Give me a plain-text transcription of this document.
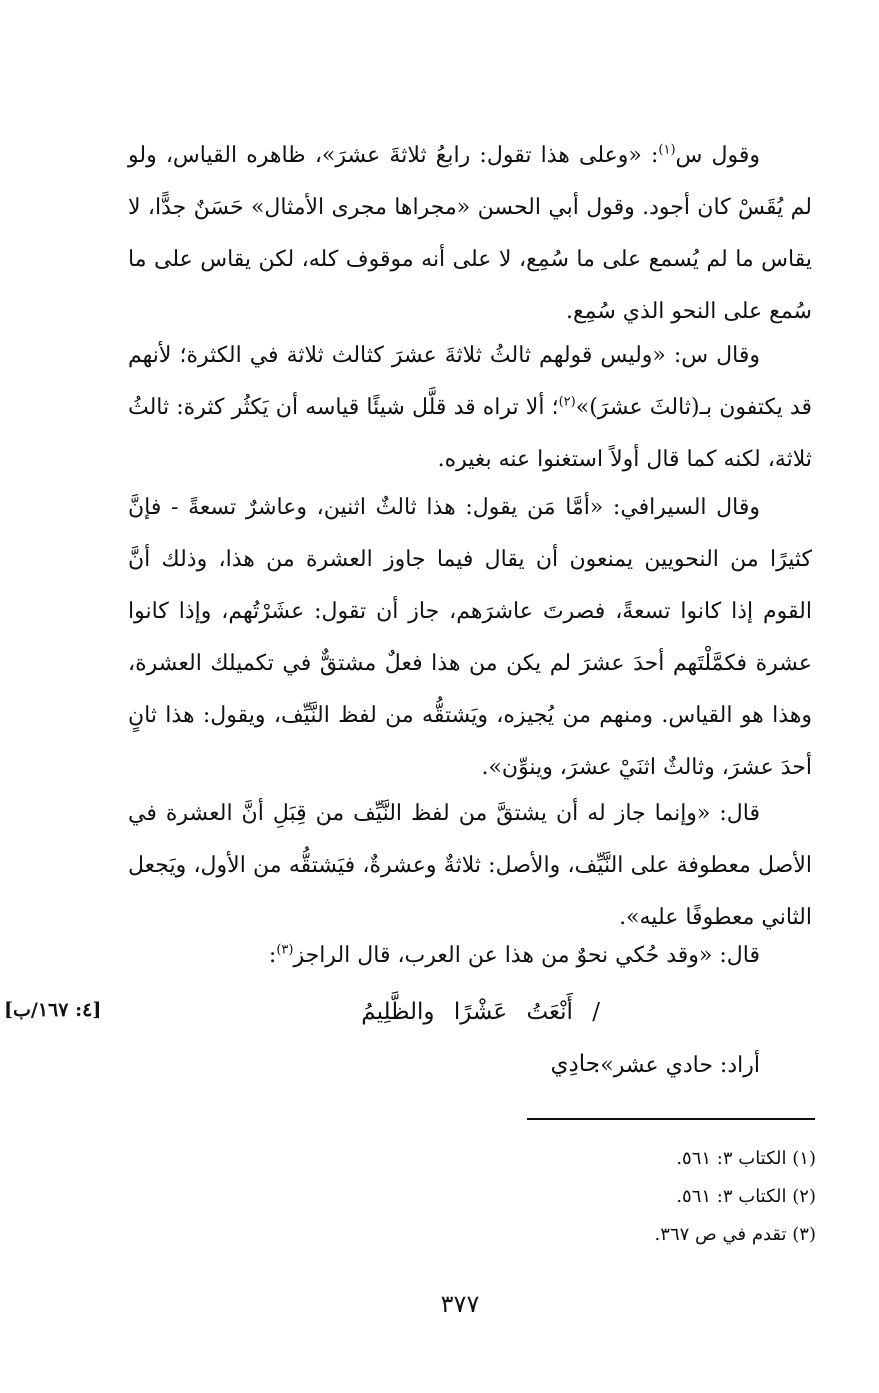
وقول س$^{(١)}$: «وعلى هذا تقول: رابعُ ثلاثةَ عشرَ»، ظاهره القياس، ولو لم يُقَسْ كان أجود. وقول أبي الحسن «مجراها مجرى الأمثال» حَسَنٌ جدًّا، لا يقاس ما لم يُسمع على ما سُمِع، لا على أنه موقوف كله، لكن يقاس على ما سُمع على النحو الذي سُمِع.

وقال س: «وليس قولهم ثالثُ ثلاثةَ عشرَ كثالث ثلاثة في الكثرة؛ لأنهم قد يكتفون بـ(ثالثَ عشرَ)»$^{(٢)}$؛ ألا تراه قد قلَّل شيئًا قياسه أن يَكثُر كثرة: ثالثُ ثلاثة، لكنه كما قال أولاً استغنوا عنه بغيره.

وقال السيرافي: «أمَّا مَن يقول: هذا ثالثٌ اثنين، وعاشرٌ تسعةً - فإنَّ كثيرًا من النحويين يمنعون أن يقال فيما جاوز العشرة من هذا، وذلك أنَّ القوم إذا كانوا تسعةً، فصرتَ عاشرَهم، جاز أن تقول: عشَرْتُهم، وإذا كانوا عشرة فكمَّلْتَهم أحدَ عشرَ لم يكن من هذا فعلٌ مشتقٌّ في تكميلك العشرة، وهذا هو القياس. ومنهم من يُجيزه، ويَشتقُّه من لفظ النَّيِّف، ويقول: هذا ثانٍ أحدَ عشرَ، وثالثٌ اثنَيْ عشرَ، وينوِّن».

قال: «وإنما جاز له أن يشتقَّ من لفظ النَّيِّف من قِبَلِ أنَّ العشرة في الأصل معطوفة على النَّيِّف، والأصل: ثلاثةٌ وعشرةٌ، فيَشتقُّه من الأول، ويَجعل الثاني معطوفًا عليه».

قال: «وقد حُكي نحوٌ من هذا عن العرب، قال الراجز$^{(٣)}$:
[٤: ١٦٧/ب]	/ أَنْعَتُ عَشْرًا والظَّلِيمُ حادِي
أراد: حادي عشر».

(١) الكتاب ٣: ٥٦١.

(٢) الكتاب ٣: ٥٦١.

(٣) تقدم في ص ٣٦٧.

٣٧٧
